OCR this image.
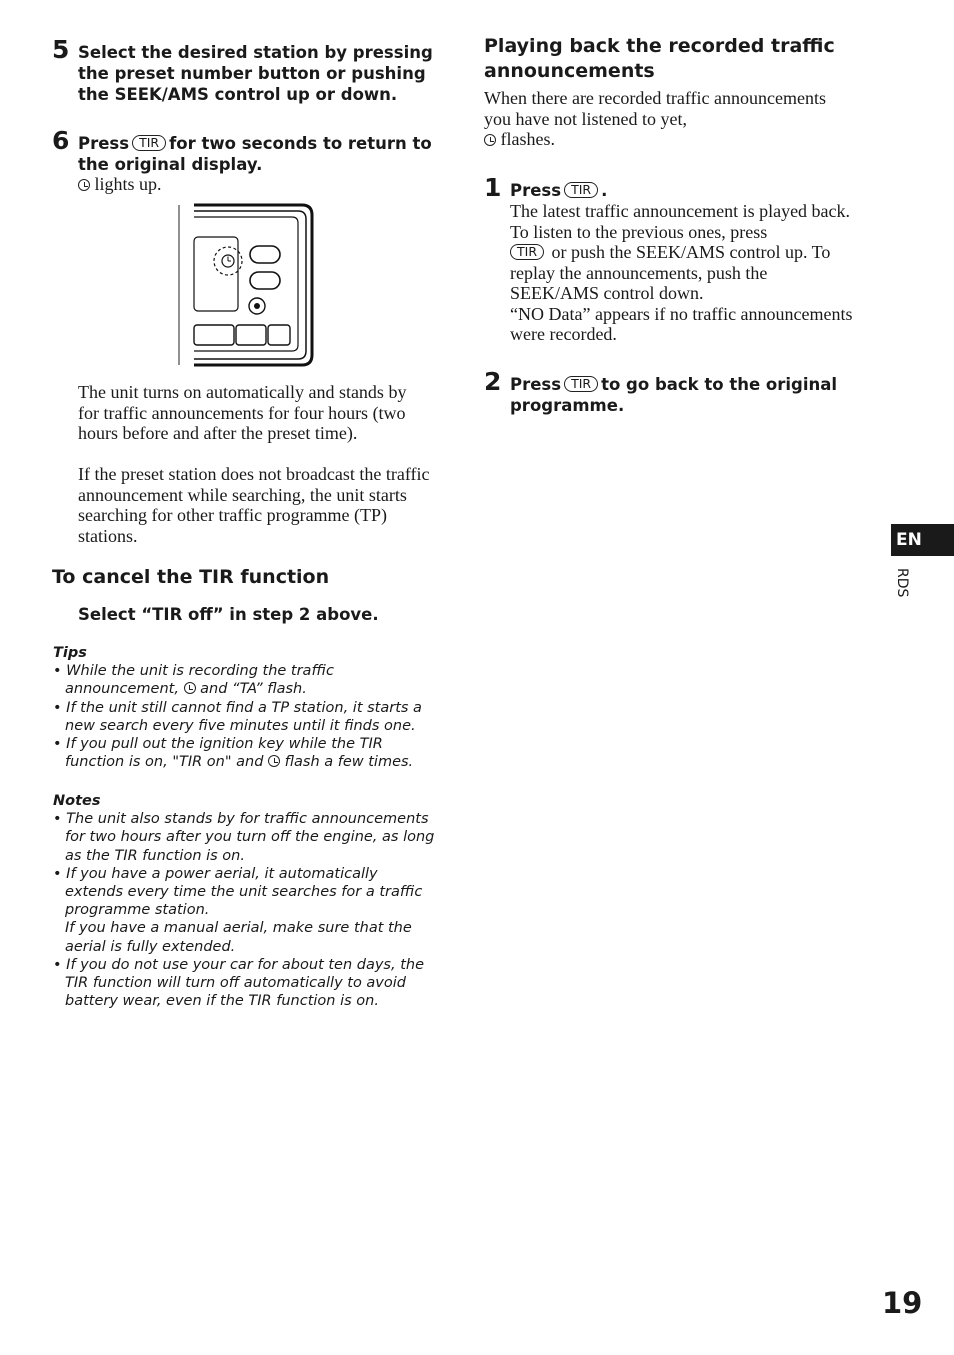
5 Select the desired station by pressing the preset number button or pushing the SEEK/AMS control up or down.
6 Press TIR for two seconds to return to the original display.
lights up.
The unit turns on automatically and stands by for traffic announcements for four hours (two hours before and after the preset time).
If the preset station does not broadcast the traffic announcement while searching, the unit starts searching for other traffic programme (TP) stations.
To cancel the TIR function
Select “TIR off” in step 2 above.
Tips
• While the unit is recording the traffic announcement, and “TA” flash.
• If the unit still cannot find a TP station, it starts a new search every five minutes until it finds one.
• If you pull out the ignition key while the TIR function is on, "TIR on" and flash a few times.
Notes
• The unit also stands by for traffic announcements for two hours after you turn off the engine, as long as the TIR function is on.
• If you have a power aerial, it automatically extends every time the unit searches for a traffic programme station.
If you have a manual aerial, make sure that the aerial is fully extended.
• If you do not use your car for about ten days, the TIR function will turn off automatically to avoid battery wear, even if the TIR function is on.
Playing back the recorded traffic announcements
When there are recorded traffic announcements you have not listened to yet,
flashes.
1 Press TIR .
The latest traffic announcement is played back. To listen to the previous ones, press
TIR or push the SEEK/AMS control up. To replay the announcements, push the SEEK/AMS control down.
“NO Data” appears if no traffic announcements were recorded.
2 Press TIR to go back to the original programme.
EN
RDS
19
